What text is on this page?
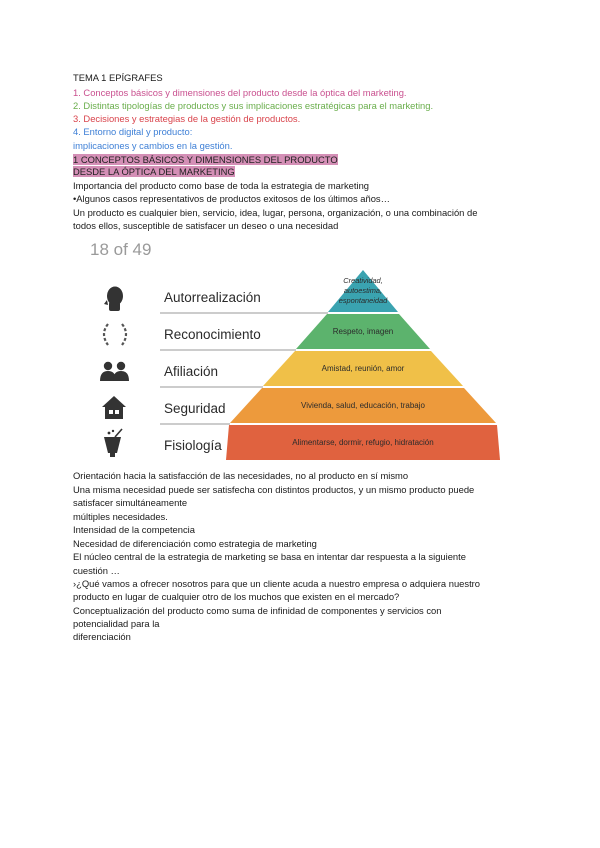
TEMA 1 EPÍGRAFES
1. Conceptos básicos y dimensiones del producto desde la óptica del marketing.
2. Distintas tipologías de productos y sus implicaciones estratégicas para el marketing.
3. Decisiones y estrategias de la gestión de productos.
4. Entorno digital y producto:
implicaciones y cambios en la gestión.
1 CONCEPTOS BÁSICOS Y DIMENSIONES DEL PRODUCTO
DESDE LA ÓPTICA DEL MARKETING
Importancia del producto como base de toda la estrategia de marketing
•Algunos casos representativos de productos exitosos de los últimos años…
Un producto es cualquier bien, servicio, idea, lugar, persona, organización, o una combinación de
todos ellos, susceptible de satisfacer un deseo o una necesidad
18 of 49
Creatividad,
autoestima,
espontaneidad
Respeto, imagen
Amistad, reunión, amor
Vivienda, salud, educación, trabajo
Alimentarse, dormir, refugio, hidratación
Autorrealización
Reconocimiento
Afiliación
Seguridad
Fisiología
Orientación hacia la satisfacción de las necesidades, no al producto en sí mismo
Una misma necesidad puede ser satisfecha con distintos productos, y un mismo producto puede
satisfacer simultáneamente
múltiples necesidades.
Intensidad de la competencia
Necesidad de diferenciación como estrategia de marketing
El núcleo central de la estrategia de marketing se basa en intentar dar respuesta a la siguiente
cuestión …
›¿Qué vamos a ofrecer nosotros para que un cliente acuda a nuestro empresa o adquiera nuestro
producto en lugar de cualquier otro de los muchos que existen en el mercado?
Conceptualización del producto como suma de infinidad de componentes y servicios con
potencialidad para la
diferenciación
